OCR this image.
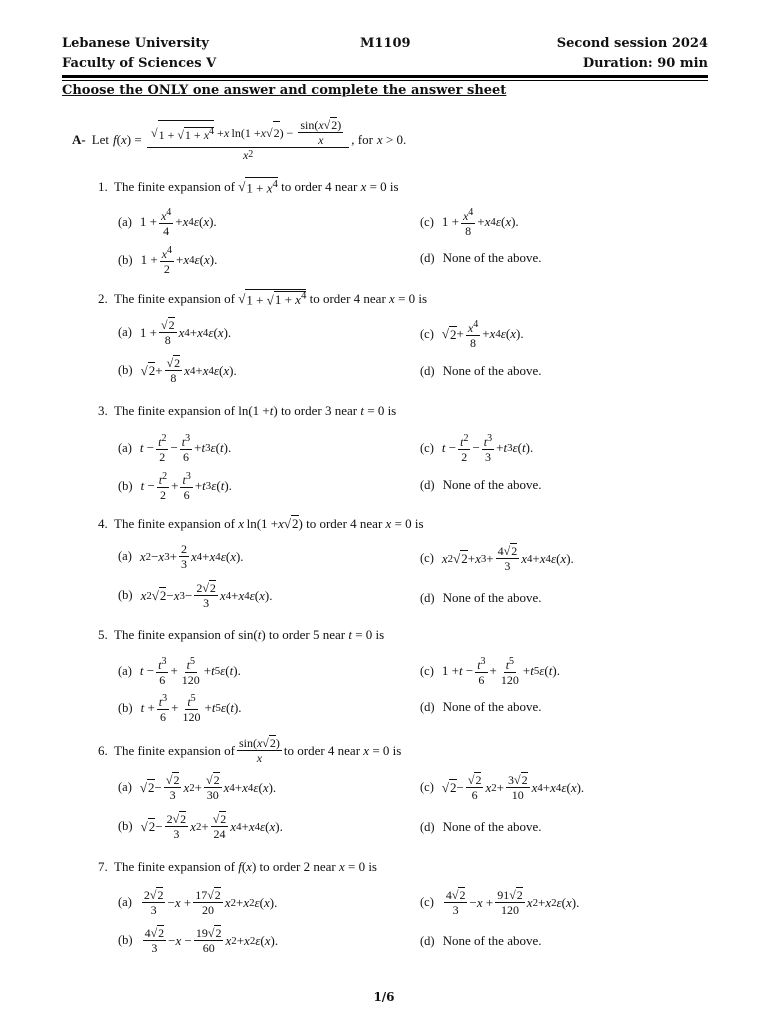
Lebanese University	M1109	Second session 2024
Faculty of Sciences V	Duration: 90 min
Choose the ONLY one answer and complete the answer sheet
A- Let f ( x ) = $\frac{√ 1 + √1 + x^4 + x \ln(1 + x √ 2 ) - \frac{\sin(x√2)}{x}}{x 2}$ , for x > 0.
1.  The finite expansion of √ $1 + x^4$ to order 4 near x = 0 is
(a) $1 + \frac{x^4}{4} + x$ 4 ε ( x ).	(c) $1 + \frac{x^4}{8} + x$ 4 ε ( x ).
(b) $1 + \frac{x^4}{2} + x$ 4 ε ( x ).	(d) None of the above.
2.  The finite expansion of √ $1 + √1 + x^4$ to order 4 near x = 0 is
(a) $1 + \frac{√2}{8}$ x 4 + x 4 ε ( x ).	(c) √ $2 + \frac{x^4}{8} + x$ 4 ε ( x ).
(b) √ $2 + \frac{√2}{8}$ x 4 + x 4 ε ( x ).	(d) None of the above.
3.  The finite expansion of ln(1 + t ) to order 3 near t = 0 is
(a) $t - \frac{t^2}{2} - \frac{t^3}{6} + t$ 3 ε ( t ).	(c) $t - \frac{t^2}{2} - \frac{t^3}{3} + t$ 3 ε ( t ).
(b) $t - \frac{t^2}{2} + \frac{t^3}{6} + t$ 3 ε ( t ).	(d) None of the above.
4.  The finite expansion of x  ln(1 + x √ 2 ) to order 4 near x = 0 is
(a) x 2 − x $3 + \frac{2}{3}$ x 4 + x 4 ε ( x ).	(c) x 2 √ 2 + x $3 + \frac{4√2}{3}$ x 4 + x 4 ε ( x ).
(b) x 2 √ 2 − x $3 - \frac{2√2}{3}$ x 4 + x 4 ε ( x ).	(d) None of the above.
5.  The finite expansion of sin( t ) to order 5 near t = 0 is
(a) $t - \frac{t^3}{6} + \frac{t^5}{120} + t$ 5 ε ( t ).	(c) $1 + t - \frac{t^3}{6} + \frac{t^5}{120} + t$ 5 ε ( t ).
(b) $t + \frac{t^3}{6} + \frac{t^5}{120} + t$ 5 ε ( t ).	(d) None of the above.
6.  The finite expansion of $\frac{\sin(x√2)}{x}$ to order 4 near x = 0 is
(a) √ $2 - \frac{√2}{3}$ x $2 + \frac{√2}{30}$ x 4 + x 4 ε ( x ).	(c) √ $2 - \frac{√2}{6}$ x $2 + \frac{3√2}{10}$ x 4 + x 4 ε ( x ).
(b) √ $2 - \frac{2√2}{3}$ x $2 + \frac{√2}{24}$ x 4 + x 4 ε ( x ).	(d) None of the above.
7.  The finite expansion of f ( x ) to order 2 near x = 0 is
$(a) \frac{2√2}{3} - x + \frac{17√2}{20}$ x 2 + x 2 ε ( x ).	$(c) \frac{4√2}{3} - x + \frac{91√2}{120}$ x 2 + x 2 ε ( x ).
$(b) \frac{4√2}{3} - x - \frac{19√2}{60}$ x 2 + x 2 ε ( x ).	(d) None of the above.
1/6
